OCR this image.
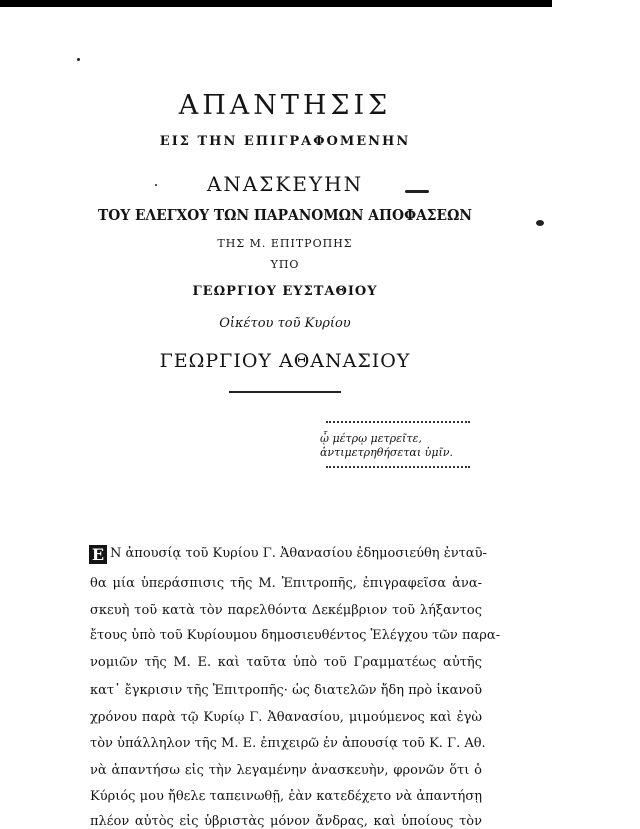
ΑΠΑΝΤΗΣΙΣ
ΕΙΣ ΤΗΝ ΕΠΙΓΡΑΦΟΜΕΝΗΝ
ΑΝΑΣΚΕΥΗΝ
ΤΟΥ ΕΛΕΓΧΟΥ ΤΩΝ ΠΑΡΑΝΟΜΩΝ ΑΠΟΦΑΣΕΩΝ
ΤΗΣ Μ. ΕΠΙΤΡΟΠΗΣ
ΥΠΟ
ΓΕΩΡΓΙΟΥ ΕΥΣΤΑΘΙΟΥ
Οἰκέτου τοῦ Κυρίου
ΓΕΩΡΓΙΟΥ ΑΘΑΝΑΣΙΟΥ
ᾧ μέτρῳ μετρεῖτε,
ἀντιμετρηθήσεται ὑμῖν.
Ε Ν ἀπουσίᾳ τοῦ Κυρίου Γ. Ἀθανασίου ἐδημοσιεύθη ἐνταῦ-
θα μία ὑπεράσπισις τῆς Μ. Ἐπιτροπῆς, ἐπιγραφεῖσα ἀνα-
σκευὴ τοῦ κατὰ τὸν παρελθόντα Δεκέμβριον τοῦ λήξαντος
ἔτους ὑπὸ τοῦ Κυρίουμου δημοσιευθέντος Ἐλέγχου τῶν παρα-
νομιῶν τῆς Μ. Ε. καὶ ταῦτα ὑπὸ τοῦ Γραμματέως αὐτῆς
κατ᾽ ἔγκρισιν τῆς Ἐπιτροπῆς· ὡς διατελῶν ἤδη πρὸ ἱκανοῦ
χρόνου παρὰ τῷ Κυρίῳ Γ. Ἀθανασίου, μιμούμενος καὶ ἐγὼ
τὸν ὑπάλληλον τῆς Μ. Ε. ἐπιχειρῶ ἐν ἀπουσίᾳ τοῦ Κ. Γ. Αθ.
νὰ ἀπαντήσω εἰς τὴν λεγαμένην ἀνασκευὴν, φρονῶν ὅτι ὁ
Κύριός μου ἤθελε ταπεινωθῇ, ἐὰν κατεδέχετο νὰ ἀπαντήσῃ
πλέον αὐτὸς εἰς ὑβριστὰς μόνον ἄνδρας, καὶ ὑποίους τὸν
